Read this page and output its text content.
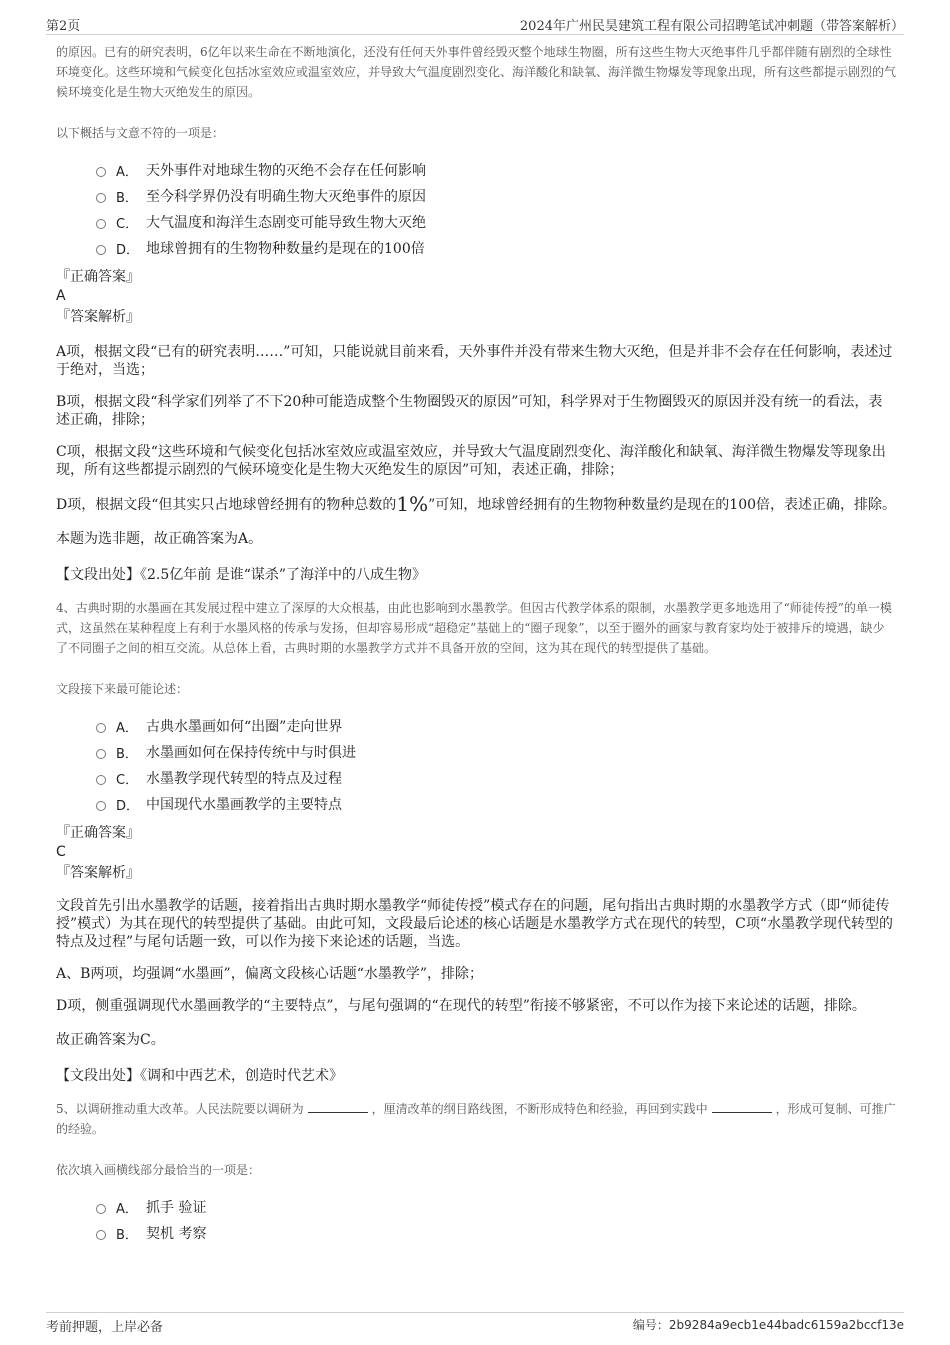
第2页	2024年广州民昊建筑工程有限公司招聘笔试冲刺题（带答案解析）

的原因。已有的研究表明，6亿年以来生命在不断地演化，还没有任何天外事件曾经毁灭整个地球生物圈，所有这些生物大灭绝事件几乎都伴随有剧烈的全球性环境变化。这些环境和气候变化包括冰室效应或温室效应，并导致大气温度剧烈变化、海洋酸化和缺氧、海洋微生物爆发等现象出现，所有这些都提示剧烈的气候环境变化是生物大灭绝发生的原因。

以下概括与文意不符的一项是：

A． 天外事件对地球生物的灭绝不会存在任何影响
B． 至今科学界仍没有明确生物大灭绝事件的原因
C． 大气温度和海洋生态剧变可能导致生物大灭绝
D． 地球曾拥有的生物物种数量约是现在的100倍

『正确答案』

A

『答案解析』

A项，根据文段“已有的研究表明……”可知，只能说就目前来看，天外事件并没有带来生物大灭绝，但是并非不会存在任何影响，表述过于绝对，当选；

B项，根据文段“科学家们列举了不下20种可能造成整个生物圈毁灭的原因”可知，科学界对于生物圈毁灭的原因并没有统一的看法，表述正确，排除；

C项，根据文段“这些环境和气候变化包括冰室效应或温室效应，并导致大气温度剧烈变化、海洋酸化和缺氧、海洋微生物爆发等现象出现，所有这些都提示剧烈的气候环境变化是生物大灭绝发生的原因”可知，表述正确，排除；

D项，根据文段“但其实只占地球曾经拥有的物种总数的1%”可知，地球曾经拥有的生物物种数量约是现在的100倍，表述正确，排除。

本题为选非题，故正确答案为A。

【文段出处】《2.5亿年前 是谁“谋杀”了海洋中的八成生物》

4、古典时期的水墨画在其发展过程中建立了深厚的大众根基，由此也影响到水墨教学。但因古代教学体系的限制，水墨教学更多地选用了“师徒传授”的单一模式，这虽然在某种程度上有利于水墨风格的传承与发扬，但却容易形成“超稳定”基础上的“圈子现象”，以至于圈外的画家与教育家均处于被排斥的境遇，缺少了不同圈子之间的相互交流。从总体上看，古典时期的水墨教学方式并不具备开放的空间，这为其在现代的转型提供了基础。

文段接下来最可能论述：

A． 古典水墨画如何“出圈”走向世界
B． 水墨画如何在保持传统中与时俱进
C． 水墨教学现代转型的特点及过程
D． 中国现代水墨画教学的主要特点

『正确答案』

C

『答案解析』

文段首先引出水墨教学的话题，接着指出古典时期水墨教学“师徒传授”模式存在的问题，尾句指出古典时期的水墨教学方式（即“师徒传授”模式）为其在现代的转型提供了基础。由此可知，文段最后论述的核心话题是水墨教学方式在现代的转型，C项“水墨教学现代转型的特点及过程”与尾句话题一致，可以作为接下来论述的话题，当选。

A、B两项，均强调“水墨画”，偏离文段核心话题“水墨教学”，排除；

D项，侧重强调现代水墨画教学的“主要特点”，与尾句强调的“在现代的转型”衔接不够紧密，不可以作为接下来论述的话题，排除。

故正确答案为C。

【文段出处】《调和中西艺术，创造时代艺术》

5、以调研推动重大改革。人民法院要以调研为	，厘清改革的纲目路线图，不断形成特色和经验，再回到实践中	，形成可复制、可推广的经验。

依次填入画横线部分最恰当的一项是：

A． 抓手 验证
B． 契机 考察
考前押题，上岸必备	编号：2b9284a9ecb1e44badc6159a2bccf13e
